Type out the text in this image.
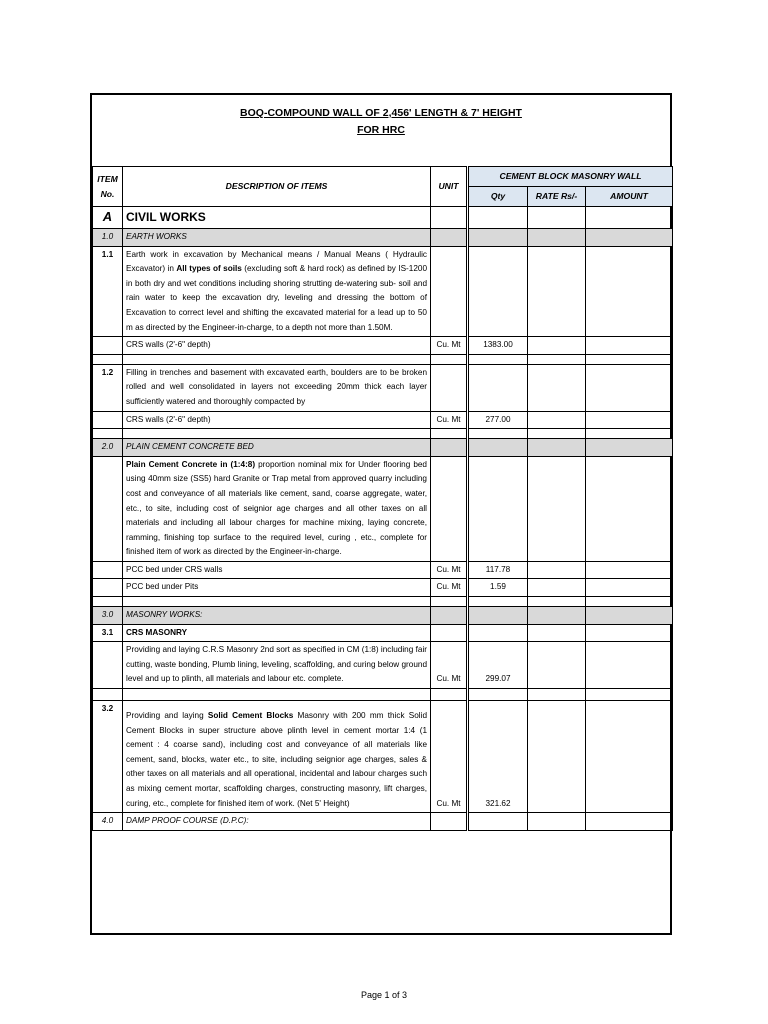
BOQ-COMPOUND WALL OF 2,456' LENGTH & 7' HEIGHT
FOR HRC
ITEM No.	DESCRIPTION OF ITEMS	UNIT	CEMENT BLOCK MASONRY WALL		
			Qty	RATE Rs/-	AMOUNT
A	CIVIL WORKS				
1.0	EARTH WORKS				
1.1	Earth work in excavation by Mechanical means / Manual Means ( Hydraulic Excavator) in All types of soils (excluding soft & hard rock) as defined by IS-1200 in both dry and wet conditions including shoring strutting de-watering sub- soil and rain water to keep the excavation dry, leveling and dressing the bottom of Excavation to correct level and shifting the excavated material for a lead up to 50 m as directed by the Engineer-in-charge, to a depth not more than 1.50M.				
	CRS walls (2'-6" depth)	Cu. Mt	1383.00		

1.2	Filling in trenches and basement with excavated earth, boulders are to be broken rolled and well consolidated in layers not exceeding 20mm thick each layer sufficiently watered and thoroughly compacted by				
	CRS walls (2'-6" depth)	Cu. Mt	277.00		

2.0	PLAIN CEMENT CONCRETE BED				
	Plain Cement Concrete in (1:4:8) proportion nominal mix for Under flooring bed using 40mm size (SS5) hard Granite or Trap metal from approved quarry including cost and conveyance of all materials like cement, sand, coarse aggregate, water, etc., to site, including cost of seignior age charges and all other taxes on all materials and including all labour charges for machine mixing, laying concrete, ramming, finishing top surface to the required level, curing , etc., complete for finished item of work as directed by the Engineer-in-charge.				
	PCC bed under CRS walls	Cu. Mt	117.78		
	PCC bed under Pits	Cu. Mt	1.59		

3.0	MASONRY WORKS:				
3.1	CRS MASONRY				
	Providing and laying C.R.S Masonry 2nd sort as specified in CM (1:8) including fair cutting, waste bonding, Plumb lining, leveling, scaffolding, and curing below ground level and up to plinth, all materials and labour etc. complete.	Cu. Mt	299.07		

3.2	Providing and laying Solid Cement Blocks Masonry with 200 mm thick Solid Cement Blocks in super structure above plinth level in cement mortar 1:4 (1 cement : 4 coarse sand), including cost and conveyance of all materials like cement, sand, blocks, water etc., to site, including seignior age charges, sales & other taxes on all materials and all operational, incidental and labour charges such as mixing cement mortar, scaffolding charges, constructing masonry, lift charges, curing, etc., complete for finished item of work. (Net 5' Height)	Cu. Mt	321.62		
4.0	DAMP PROOF COURSE (D.P.C):				
Page 1 of 3
